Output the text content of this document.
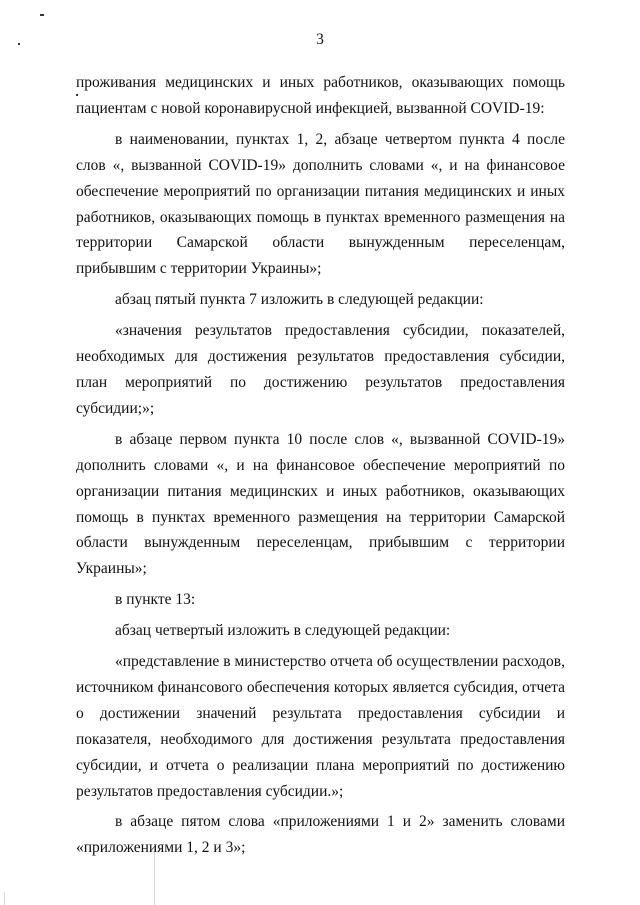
3

проживания медицинских и иных работников, оказывающих помощь пациентам с новой коронавирусной инфекцией, вызванной COVID-19:

в наименовании, пунктах 1, 2, абзаце четвертом пункта 4 после слов «, вызванной COVID-19» дополнить словами «, и на финансовое обеспечение мероприятий по организации питания медицинских и иных работников, оказывающих помощь в пунктах временного размещения на территории Самарской области вынужденным переселенцам, прибывшим с территории Украины»;

абзац пятый пункта 7 изложить в следующей редакции:

«значения результатов предоставления субсидии, показателей, необходимых для достижения результатов предоставления субсидии, план мероприятий по достижению результатов предоставления субсидии;»;

в абзаце первом пункта 10 после слов «, вызванной COVID-19» дополнить словами «, и на финансовое обеспечение мероприятий по организации питания медицинских и иных работников, оказывающих помощь в пунктах временного размещения на территории Самарской области вынужденным переселенцам, прибывшим с территории Украины»;

в пункте 13:

абзац четвертый изложить в следующей редакции:

«представление в министерство отчета об осуществлении расходов, источником финансового обеспечения которых является субсидия, отчета о достижении значений результата предоставления субсидии и показателя, необходимого для достижения результата предоставления субсидии, и отчета о реализации плана мероприятий по достижению результатов предоставления субсидии.»;

в абзаце пятом слова «приложениями 1 и 2» заменить словами «приложениями 1, 2 и 3»;
